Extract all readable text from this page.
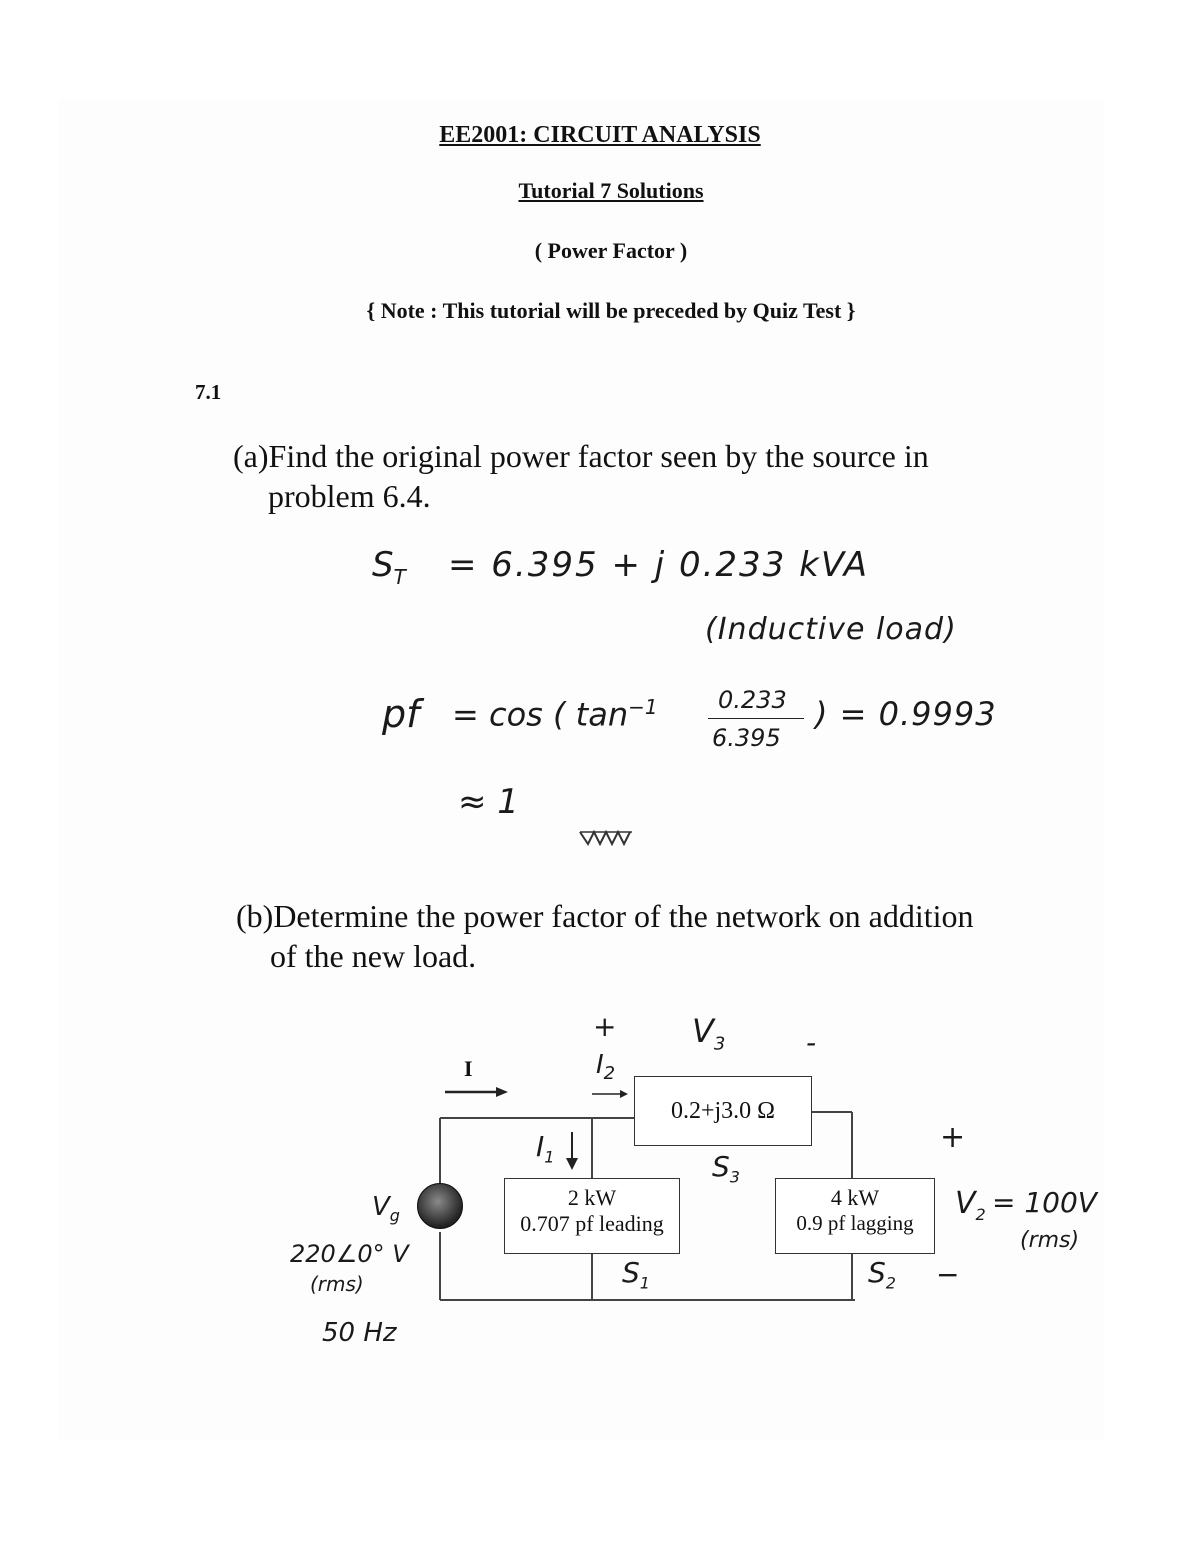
EE2001: CIRCUIT ANALYSIS
Tutorial 7 Solutions
( Power Factor )
{ Note : This tutorial will be preceded by Quiz Test }
7.1
(a)Find the original power factor seen by the source in
problem 6.4.
$S_T = 6.395 + j$ 0.233 kVA
(Inductive load)
pf = cos ( $\tan^{-1}$	0.233
6.395
) = 0.9993
≈ 1
(b)Determine the power factor of the network on addition
of the new load.
0.2+j3.0 Ω
2 kW
0.707 pf leading
4 kW
0.9 pf lagging
I	$I_2$
$I_1$
+ $V_3$	-
$S_3$
$S_1$	$S_2$
$V_g$
220∠0° V
(rms)
50 Hz
+
$V_2 = 100V$
(rms)
−
